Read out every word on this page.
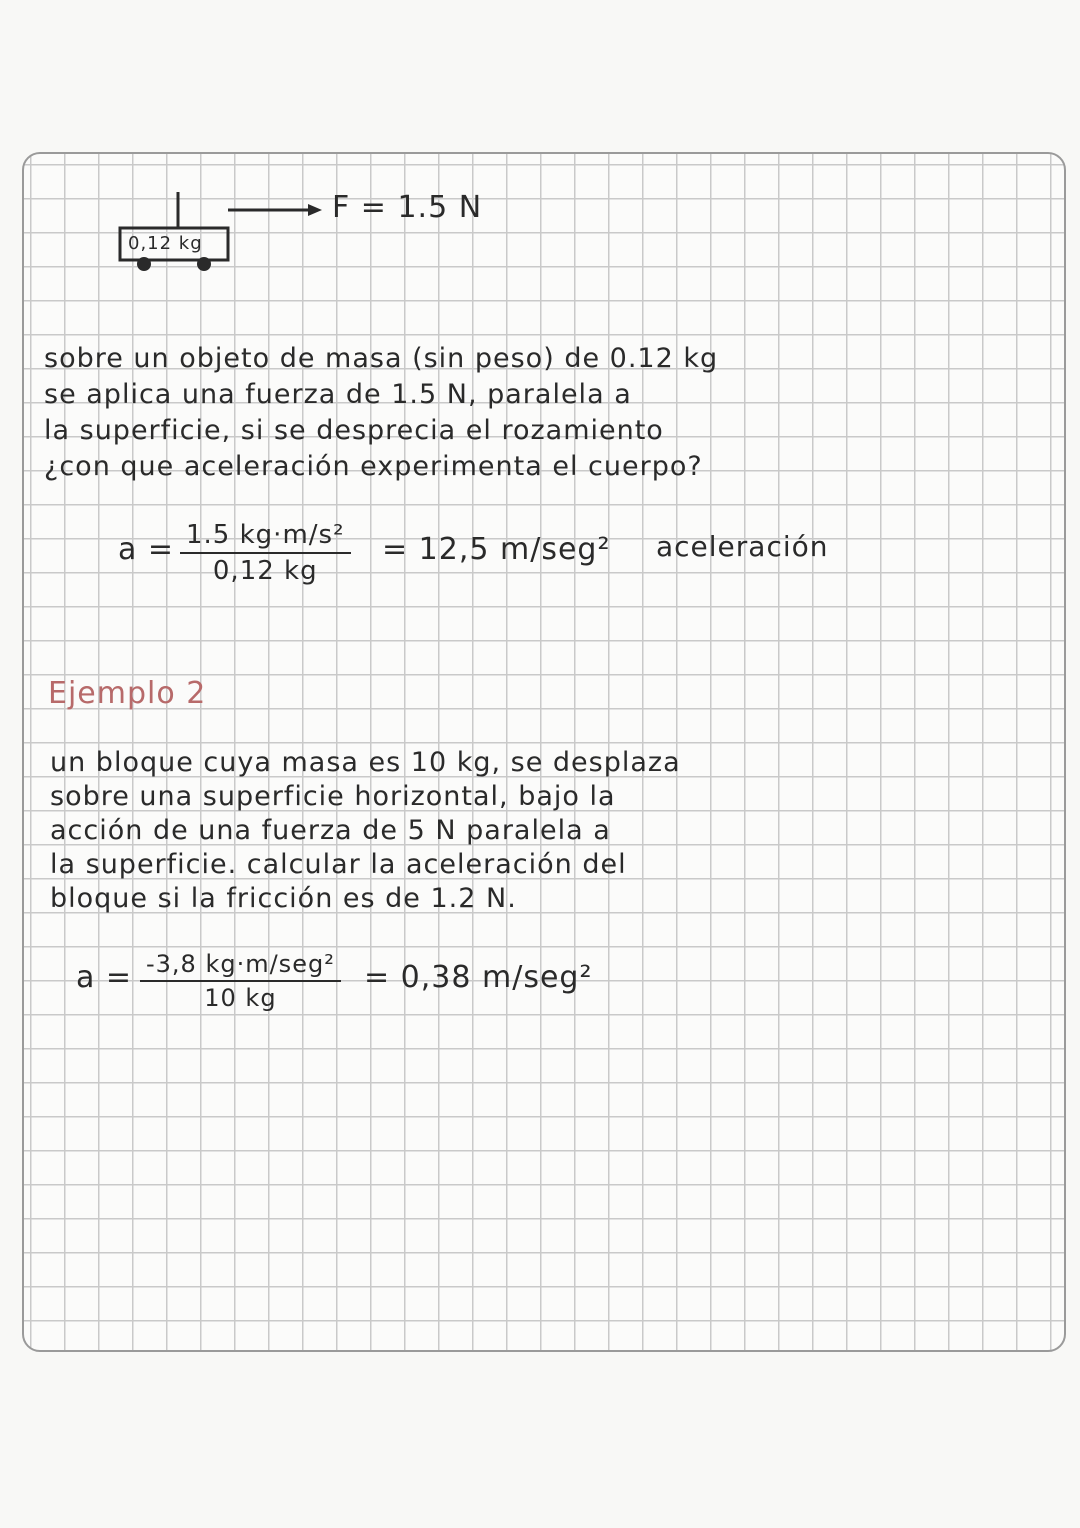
0,12 kg
F = 1.5 N
sobre un objeto de masa (sin peso) de 0.12 kg
se aplica una fuerza de 1.5 N, paralela a
la superficie, si se desprecia el rozamiento
¿con que aceleración experimenta el cuerpo?
$a = \frac{\text{1.5 kg·m/s²}}{0,12 kg} = 12,5$ m/seg² aceleración
Ejemplo 2
un bloque cuya masa es 10 kg, se desplaza
sobre una superficie horizontal, bajo la
acción de una fuerza de 5 N paralela a
la superficie. calcular la aceleración del
bloque si la fricción es de 1.2 N.
a = -3,8 kg·m/seg²
10 kg
= 0,38 m/seg²
